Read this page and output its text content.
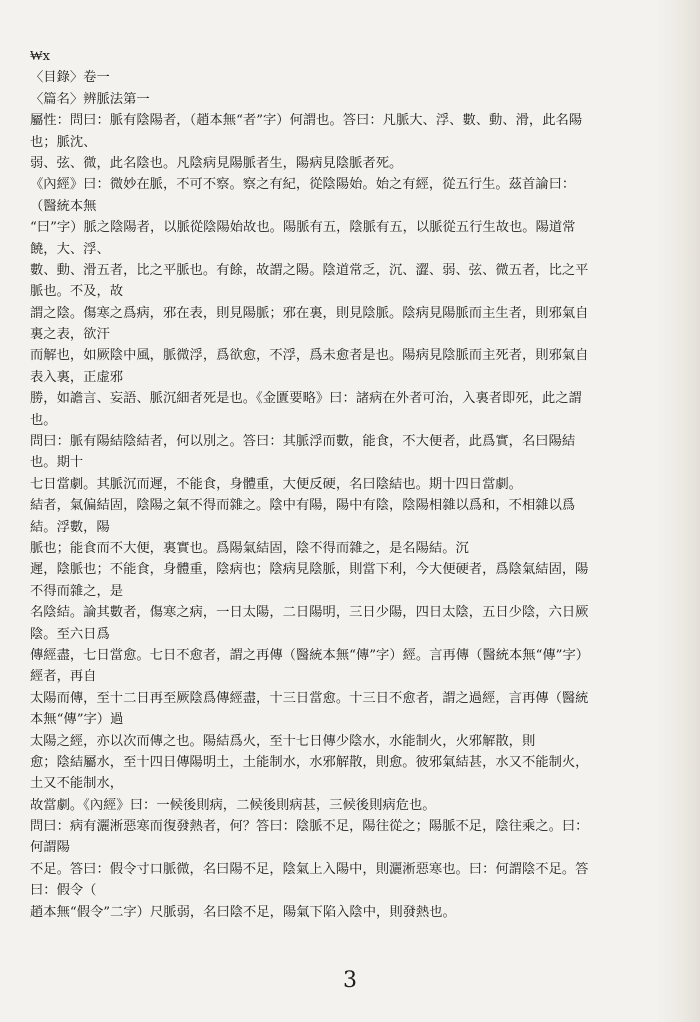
₩x
〈目錄〉卷一
〈篇名〉辨脈法第一
屬性：問曰：脈有陰陽者，（趙本無“者”字）何謂也。答曰：凡脈大、浮、數、動、滑，此名陽
也；脈沈、
弱、弦、微，此名陰也。凡陰病見陽脈者生，陽病見陰脈者死。
《內經》曰：微妙在脈，不可不察。察之有紀，從陰陽始。始之有經，從五行生。茲首論曰：
（醫統本無
“曰”字）脈之陰陽者，以脈從陰陽始故也。陽脈有五，陰脈有五，以脈從五行生故也。陽道常
饒，大、浮、
數、動、滑五者，比之平脈也。有餘，故謂之陽。陰道常乏，沉、澀、弱、弦、微五者，比之平
脈也。不及，故
謂之陰。傷寒之爲病，邪在表，則見陽脈；邪在裏，則見陰脈。陰病見陽脈而主生者，則邪氣自
裏之表，欲汗
而解也，如厥陰中風，脈微浮，爲欲愈，不浮，爲未愈者是也。陽病見陰脈而主死者，則邪氣自
表入裏，正虚邪
勝，如譫言、妄語、脈沉細者死是也。《金匱要略》曰：諸病在外者可治，入裏者即死，此之謂
也。
問曰：脈有陽結陰結者，何以別之。答曰：其脈浮而數，能食，不大便者，此爲實，名曰陽結
也。期十
七日當劇。其脈沉而遲，不能食，身體重，大便反硬，名曰陰結也。期十四日當劇。
結者，氣偏結固，陰陽之氣不得而雜之。陰中有陽，陽中有陰，陰陽相雜以爲和，不相雜以爲
結。浮數，陽
脈也；能食而不大便，裏實也。爲陽氣結固，陰不得而雜之，是名陽結。沉
遲，陰脈也；不能食，身體重，陰病也；陰病見陰脈，則當下利，今大便硬者，爲陰氣結固，陽
不得而雜之，是
名陰結。論其數者，傷寒之病，一日太陽，二日陽明，三日少陽，四日太陰，五日少陰，六日厥
陰。至六日爲
傳經盡，七日當愈。七日不愈者，謂之再傳（醫統本無“傳”字）經。言再傳（醫統本無“傳”字）
經者，再自
太陽而傳，至十二日再至厥陰爲傳經盡，十三日當愈。十三日不愈者，謂之過經，言再傳（醫統
本無“傳”字）過
太陽之經，亦以次而傳之也。陽結爲火，至十七日傳少陰水，水能制火，火邪解散，則
愈；陰結屬水，至十四日傳陽明土，土能制水，水邪解散，則愈。彼邪氣結甚，水又不能制火，
土又不能制水，
故當劇。《內經》曰：一候後則病，二候後則病甚，三候後則病危也。
問曰：病有灑淅惡寒而復發熱者，何？答曰：陰脈不足，陽往從之；陽脈不足，陰往乘之。曰：
何謂陽
不足。答曰：假令寸口脈微，名曰陽不足，陰氣上入陽中，則灑淅惡寒也。曰：何謂陰不足。答
曰：假令（
趙本無“假令”二字）尺脈弱，名曰陰不足，陽氣下陷入陰中，則發熱也。
3
